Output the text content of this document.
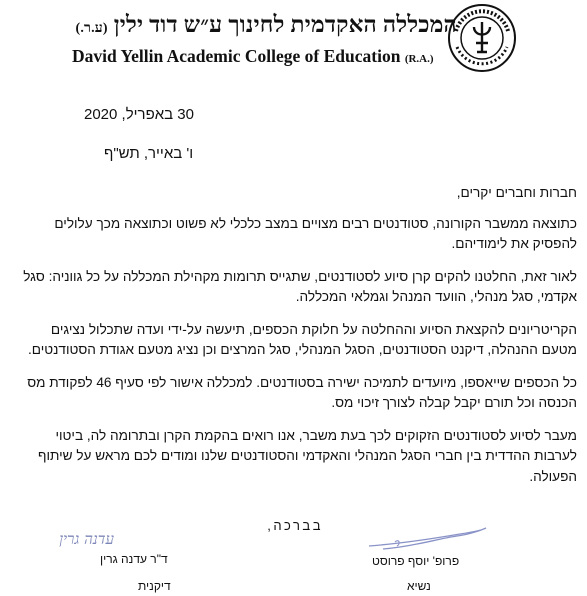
המכללה האקדמית לחינוך ע״ש דוד ילין (ע.ר.)
David Yellin Academic College of Education (R.A.)
30 באפריל, 2020
ו' באייר, תש"ף

חברות וחברים יקרים,

כתוצאה ממשבר הקורונה, סטודנטים רבים מצויים במצב כלכלי לא פשוט וכתוצאה מכך עלולים להפסיק את לימודיהם.

לאור זאת, החלטנו להקים קרן סיוע לסטודנטים, שתגייס תרומות מקהילת המכללה על כל גווניה: סגל אקדמי, סגל מנהלי, הוועד המנהל וגמלאי המכללה.

הקריטריונים להקצאת הסיוע וההחלטה על חלוקת הכספים, תיעשה על-ידי ועדה שתכלול נציגים מטעם ההנהלה, דיקנט הסטודנטים, הסגל המנהלי, סגל המרצים וכן נציג מטעם אגודת הסטודנטים.

כל הכספים שייאספו, מיועדים לתמיכה ישירה בסטודנטים. למכללה אישור לפי סעיף 46 לפקודת מס הכנסה וכל תורם יקבל קבלה לצורך זיכוי מס.

מעבר לסיוע לסטודנטים הזקוקים לכך בעת משבר, אנו רואים בהקמת הקרן ובתרומה לה, ביטוי לערבות ההדדית בין חברי הסגל המנהלי והאקדמי והסטודנטים שלנו ומודים לכם מראש על שיתוף הפעולה.

בברכה,
פרופ' יוסף פרוסט
נשיא
עדנה גרין
ד"ר עדנה גרין
דיקנית
